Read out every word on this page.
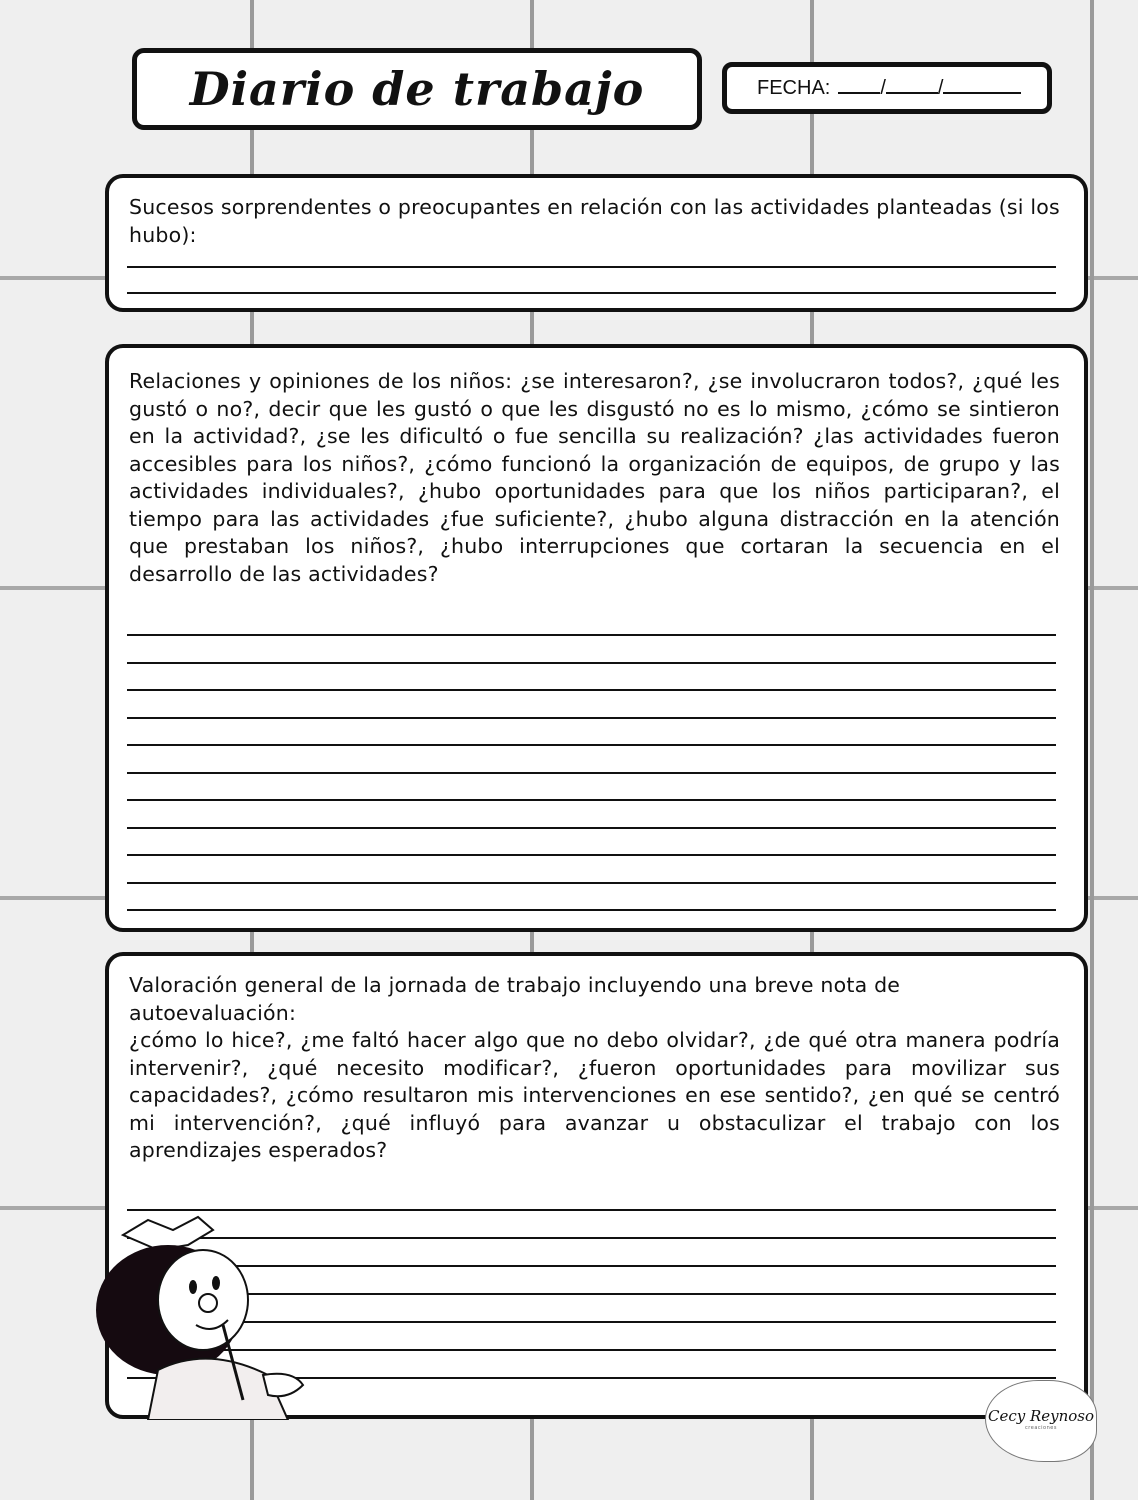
Diario de trabajo	FECHA:	/	/

Sucesos sorprendentes o preocupantes en relación con las actividades planteadas (si los hubo):

Relaciones y opiniones de los niños: ¿se interesaron?, ¿se involucraron todos?, ¿qué les gustó o no?, decir que les gustó o que les disgustó no es lo mismo, ¿cómo se sintieron en la actividad?, ¿se les dificultó o fue sencilla su realización? ¿las actividades fueron accesibles para los niños?, ¿cómo funcionó la organización de equipos, de grupo y las actividades individuales?, ¿hubo oportunidades para que los niños participaran?, el tiempo para las actividades ¿fue suficiente?, ¿hubo alguna distracción en la atención que prestaban los niños?, ¿hubo interrupciones que cortaran la secuencia en el desarrollo de las actividades?

Valoración general de la jornada de trabajo incluyendo una breve nota de autoevaluación:

¿cómo lo hice?, ¿me faltó hacer algo que no debo olvidar?, ¿de qué otra manera podría intervenir?, ¿qué necesito modificar?, ¿fueron oportunidades para movilizar sus capacidades?, ¿cómo resultaron mis intervenciones en ese sentido?, ¿en qué se centró mi intervención?, ¿qué influyó para avanzar u obstaculizar el trabajo con los aprendizajes esperados?

Cecy Reynoso
creaciones
